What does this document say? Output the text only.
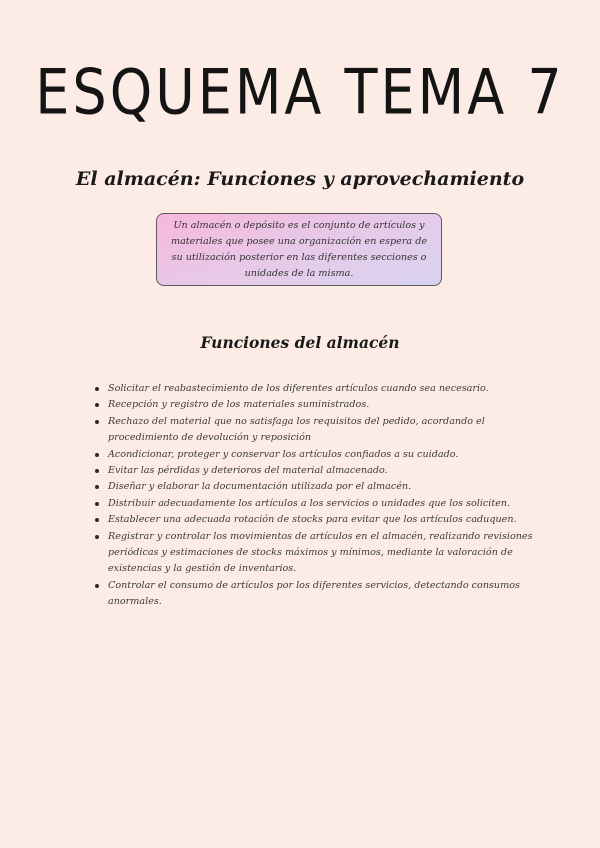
ESQUEMA TEMA 7
El almacén: Funciones y aprovechamiento

Un almacén o depósito es el conjunto de artículos y materiales que posee una organización en espera de su utilización posterior en las diferentes secciones o unidades de la misma.

Funciones del almacén
Solicitar el reabastecimiento de los diferentes artículos cuando sea necesario.
Recepción y registro de los materiales suministrados.
Rechazo del material que no satisfaga los requisitos del pedido, acordando el procedimiento de devolución y reposición
Acondicionar, proteger y conservar los artículos confiados a su cuidado.
Evitar las pérdidas y deterioros del material almacenado.
Diseñar y elaborar la documentación utilizada por el almacén.
Distribuir adecuadamente los artículos a los servicios o unidades que los soliciten.
Establecer una adecuada rotación de stocks para evitar que los artículos caduquen.
Registrar y controlar los movimientos de artículos en el almacén, realizando revisiones periódicas y estimaciones de stocks máximos y mínimos, mediante la valoración de existencias y la gestión de inventarios.
Controlar el consumo de artículos por los diferentes servicios, detectando consumos anormales.
